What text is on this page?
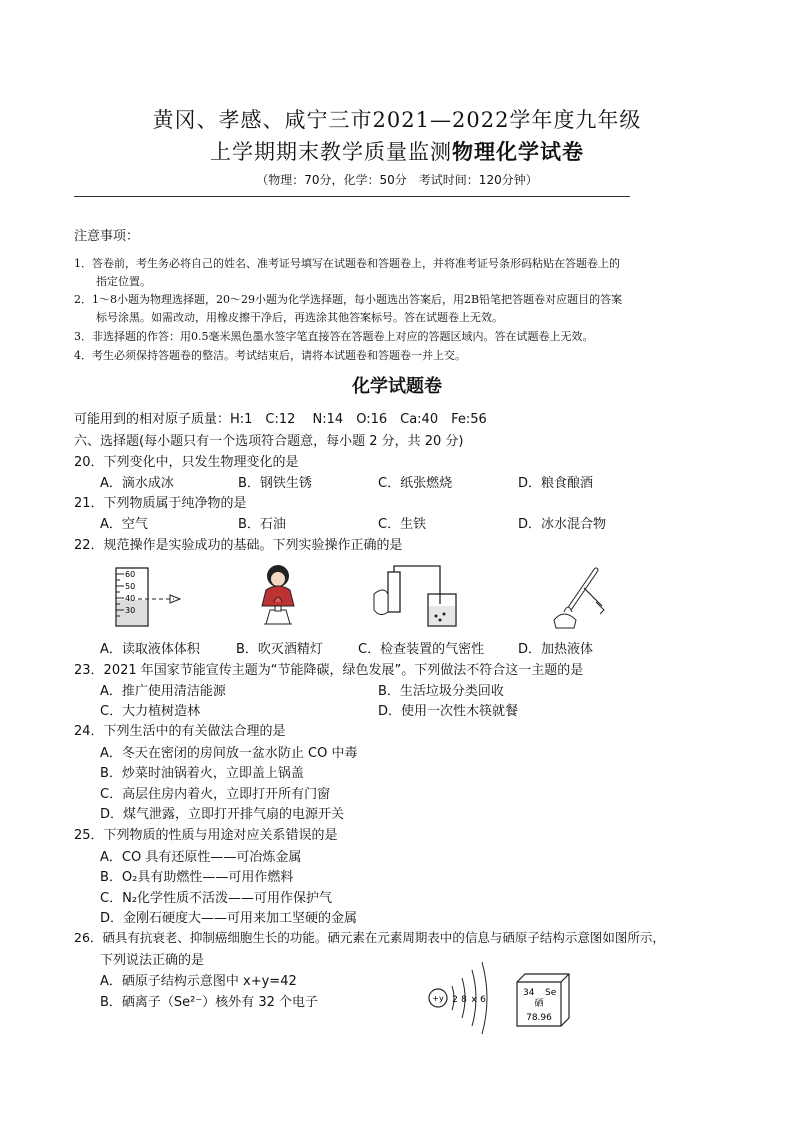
黄冈、孝感、咸宁三市2021—2022学年度九年级
上学期期末教学质量监测物理化学试卷
（物理：70分，化学：50分　考试时间：120分钟）
注意事项：
1．答卷前，考生务必将自己的姓名、准考证号填写在试题卷和答题卷上，并将准考证号条形码粘贴在答题卷上的
　　指定位置。
2．1～8小题为物理选择题，20～29小题为化学选择题，每小题选出答案后，用2B铅笔把答题卷对应题目的答案
　　标号涂黑。如需改动，用橡皮擦干净后，再选涂其他答案标号。答在试题卷上无效。
3．非选择题的作答：用0.5毫米黑色墨水签字笔直接答在答题卷上对应的答题区域内。答在试题卷上无效。
4．考生必须保持答题卷的整洁。考试结束后，请将本试题卷和答题卷一并上交。
化学试题卷
可能用到的相对原子质量：H:1　C:12　 N:14　O:16　Ca:40　Fe:56
六、选择题(每小题只有一个选项符合题意，每小题 2 分，共 20 分)
20．下列变化中，只发生物理变化的是
A．滴水成冰	B．钢铁生锈	C．纸张燃烧	D．粮食酿酒
21．下列物质属于纯净物的是
A．空气	B．石油	C．生铁	D．冰水混合物
22．规范操作是实验成功的基础。下列实验操作正确的是
60
50
40
30
A．读取液体体积	B．吹灭酒精灯	C．检查装置的气密性	D．加热液体
23．2021 年国家节能宣传主题为“节能降碳，绿色发展”。下列做法不符合这一主题的是
A．推广使用清洁能源	B．生活垃圾分类回收
C．大力植树造林	D．使用一次性木筷就餐
24．下列生活中的有关做法合理的是
A．冬天在密闭的房间放一盆水防止 CO 中毒
B．炒菜时油锅着火，立即盖上锅盖
C．高层住房内着火，立即打开所有门窗
D．煤气泄露，立即打开排气扇的电源开关
25．下列物质的性质与用途对应关系错误的是
A．CO 具有还原性——可冶炼金属
B．O₂具有助燃性——可用作燃料
C．N₂化学性质不活泼——可用作保护气
D．金刚石硬度大——可用来加工坚硬的金属
26．硒具有抗衰老、抑制癌细胞生长的功能。硒元素在元素周期表中的信息与硒原子结构示意图如图所示，
下列说法正确的是
A．硒原子结构示意图中 x+y=42
B．硒离子（Se²⁻）核外有 32 个电子	+y 2 8 x 6
34 Se
硒
78.96
